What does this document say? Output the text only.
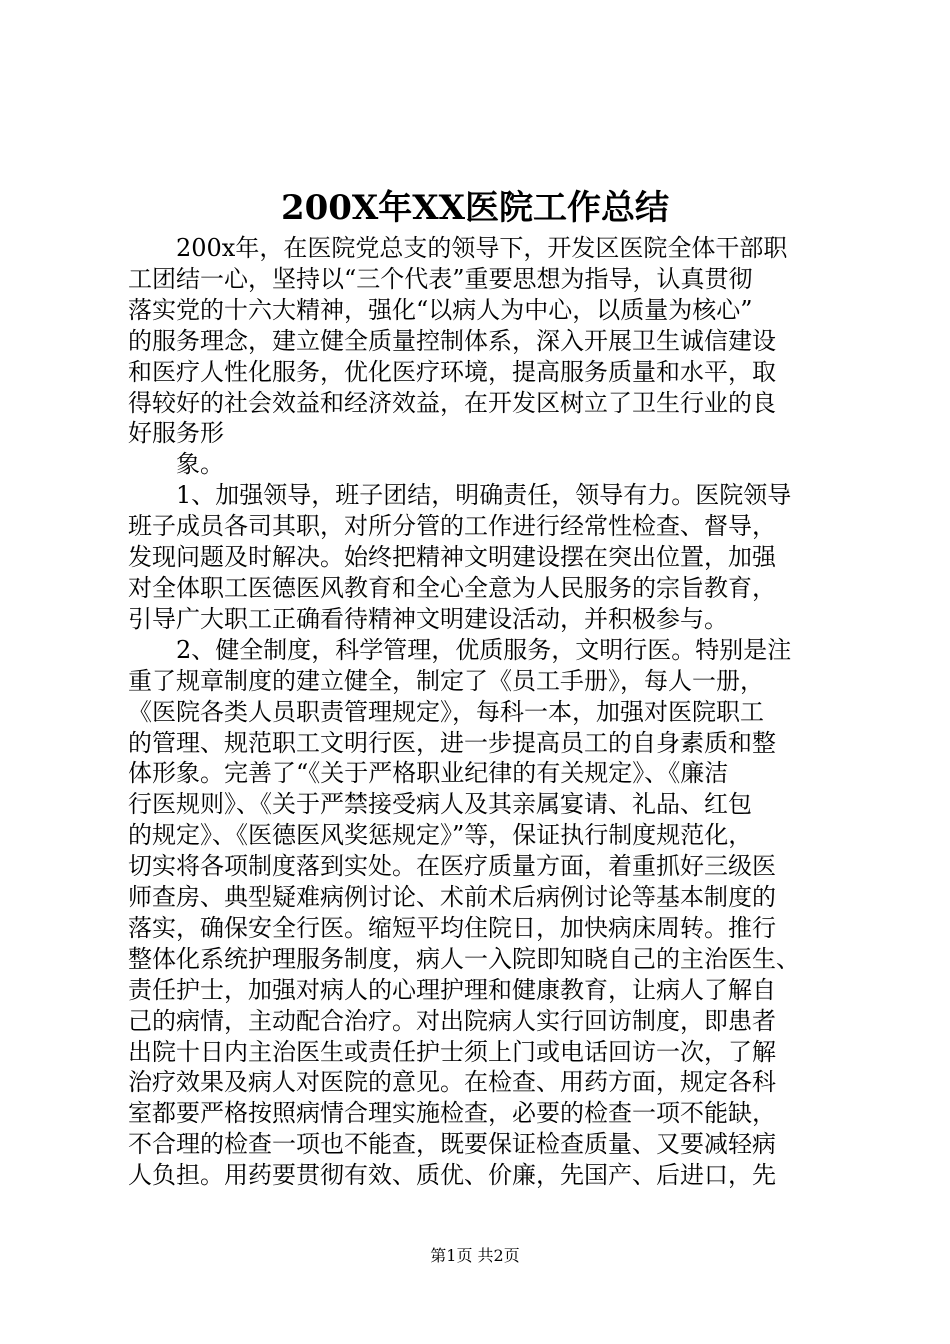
200X年XX医院工作总结

200x年，在医院党总支的领导下，开发区医院全体干部职
工团结一心，坚持以“三个代表”重要思想为指导，认真贯彻
落实党的十六大精神，强化“以病人为中心，以质量为核心”
的服务理念，建立健全质量控制体系，深入开展卫生诚信建设
和医疗人性化服务，优化医疗环境，提高服务质量和水平，取
得较好的社会效益和经济效益，在开发区树立了卫生行业的良
好服务形

象。

1、加强领导，班子团结，明确责任，领导有力。医院领导
班子成员各司其职，对所分管的工作进行经常性检查、督导，
发现问题及时解决。始终把精神文明建设摆在突出位置，加强
对全体职工医德医风教育和全心全意为人民服务的宗旨教育，
引导广大职工正确看待精神文明建设活动，并积极参与。

2、健全制度，科学管理，优质服务，文明行医。特别是注
重了规章制度的建立健全，制定了《员工手册》，每人一册，
《医院各类人员职责管理规定》，每科一本，加强对医院职工
的管理、规范职工文明行医，进一步提高员工的自身素质和整
体形象。完善了“《关于严格职业纪律的有关规定》、《廉洁
行医规则》、《关于严禁接受病人及其亲属宴请、礼品、红包
的规定》、《医德医风奖惩规定》”等，保证执行制度规范化，
切实将各项制度落到实处。在医疗质量方面，着重抓好三级医
师查房、典型疑难病例讨论、术前术后病例讨论等基本制度的
落实，确保安全行医。缩短平均住院日，加快病床周转。推行
整体化系统护理服务制度，病人一入院即知晓自己的主治医生、
责任护士，加强对病人的心理护理和健康教育，让病人了解自
己的病情，主动配合治疗。对出院病人实行回访制度，即患者
出院十日内主治医生或责任护士须上门或电话回访一次，了解
治疗效果及病人对医院的意见。在检查、用药方面，规定各科
室都要严格按照病情合理实施检查，必要的检查一项不能缺，
不合理的检查一项也不能查，既要保证检查质量、又要减轻病
人负担。用药要贯彻有效、质优、价廉，先国产、后进口，先

第1页 共2页
